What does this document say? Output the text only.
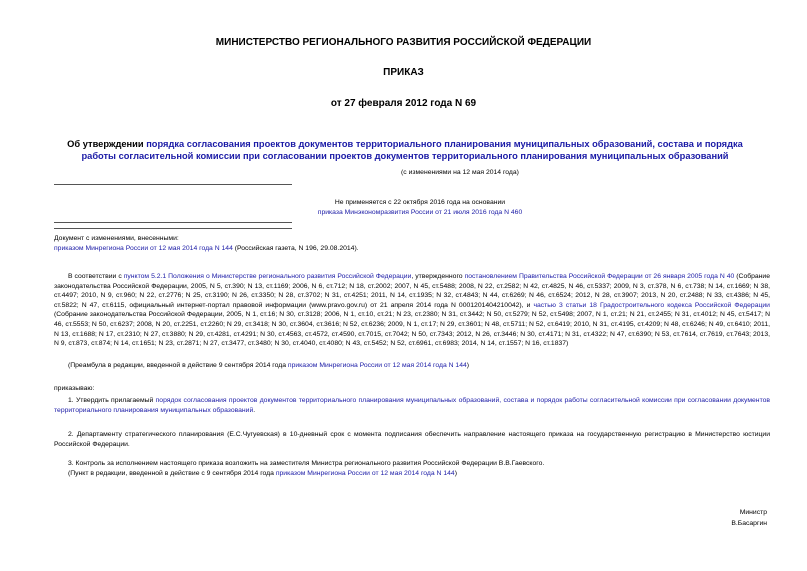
МИНИСТЕРСТВО РЕГИОНАЛЬНОГО РАЗВИТИЯ РОССИЙСКОЙ ФЕДЕРАЦИИ
ПРИКАЗ
от 27 февраля 2012 года N 69
Об утверждении порядка согласования проектов документов территориального планирования муниципальных образований, состава и порядка работы согласительной комиссии при согласовании проектов документов территориального планирования муниципальных образований
(с изменениями на 12 мая 2014 года)
Не применяется с 22 октября 2016 года на основании
приказа Минэкономразвития России от 21 июля 2016 года N 460
Документ с изменениями, внесенными:
приказом Минрегиона России от 12 мая 2014 года N 144 (Российская газета, N 196, 29.08.2014).
В соответствии с пунктом 5.2.1 Положения о Министерстве регионального развития Российской Федерации, утвержденного постановлением Правительства Российской Федерации от 26 января 2005 года N 40 (Собрание законодательства Российской Федерации, 2005, N 5, ст.390; N 13, ст.1169; 2006, N 6, ст.712; N 18, ст.2002; 2007, N 45, ст.5488; 2008, N 22, ст.2582; N 42, ст.4825, N 46, ст.5337; 2009, N 3, ст.378, N 6, ст.738; N 14, ст.1669; N 38, ст.4497; 2010, N 9, ст.960; N 22, ст.2776; N 25, ст.3190; N 26, ст.3350; N 28, ст.3702; N 31, ст.4251; 2011, N 14, ст.1935; N 32, ст.4843; N 44, ст.6269; N 46, ст.6524; 2012, N 28, ст.3907; 2013, N 20, ст.2488; N 33, ст.4386; N 45, ст.5822; N 47, ст.6115, официальный интернет-портал правовой информации (www.pravo.gov.ru) от 21 апреля 2014 года N 0001201404210042), и частью 3 статьи 18 Градостроительного кодекса Российской Федерации (Собрание законодательства Российской Федерации, 2005, N 1, ст.16; N 30, ст.3128; 2006, N 1, ст.10, ст.21; N 23, ст.2380; N 31, ст.3442; N 50, ст.5279; N 52, ст.5498; 2007, N 1, ст.21; N 21, ст.2455; N 31, ст.4012; N 45, ст.5417; N 46, ст.5553; N 50, ст.6237; 2008, N 20, ст.2251, ст.2260; N 29, ст.3418; N 30, ст.3604, ст.3616; N 52, ст.6236; 2009, N 1, ст.17; N 29, ст.3601; N 48, ст.5711; N 52, ст.6419; 2010, N 31, ст.4195, ст.4209; N 48, ст.6246; N 49, ст.6410; 2011, N 13, ст.1688; N 17, ст.2310; N 27, ст.3880; N 29, ст.4281, ст.4291; N 30, ст.4563, ст.4572, ст.4590, ст.7015, ст.7042; N 50, ст.7343; 2012, N 26, ст.3446; N 30, ст.4171; N 31, ст.4322; N 47, ст.6390; N 53, ст.7614, ст.7619, ст.7643; 2013, N 9, ст.873, ст.874; N 14, ст.1651; N 23, ст.2871; N 27, ст.3477, ст.3480; N 30, ст.4040, ст.4080; N 43, ст.5452; N 52, ст.6961, ст.6983; 2014, N 14, ст.1557; N 16, ст.1837)
(Преамбула в редакции, введенной в действие 9 сентября 2014 года приказом Минрегиона России от 12 мая 2014 года N 144)
приказываю:
1. Утвердить прилагаемый порядок согласования проектов документов территориального планирования муниципальных образований, состава и порядок работы согласительной комиссии при согласовании документов территориального планирования муниципальных образований.
2. Департаменту стратегического планирования (Е.С.Чугуевская) в 10-дневный срок с момента подписания обеспечить направление настоящего приказа на государственную регистрацию в Министерство юстиции Российской Федерации.
3. Контроль за исполнением настоящего приказа возложить на заместителя Министра регионального развития Российской Федерации В.В.Гаевского.
(Пункт в редакции, введенной в действие с 9 сентября 2014 года приказом Минрегиона России от 12 мая 2014 года N 144)
Министр
В.Басаргин
